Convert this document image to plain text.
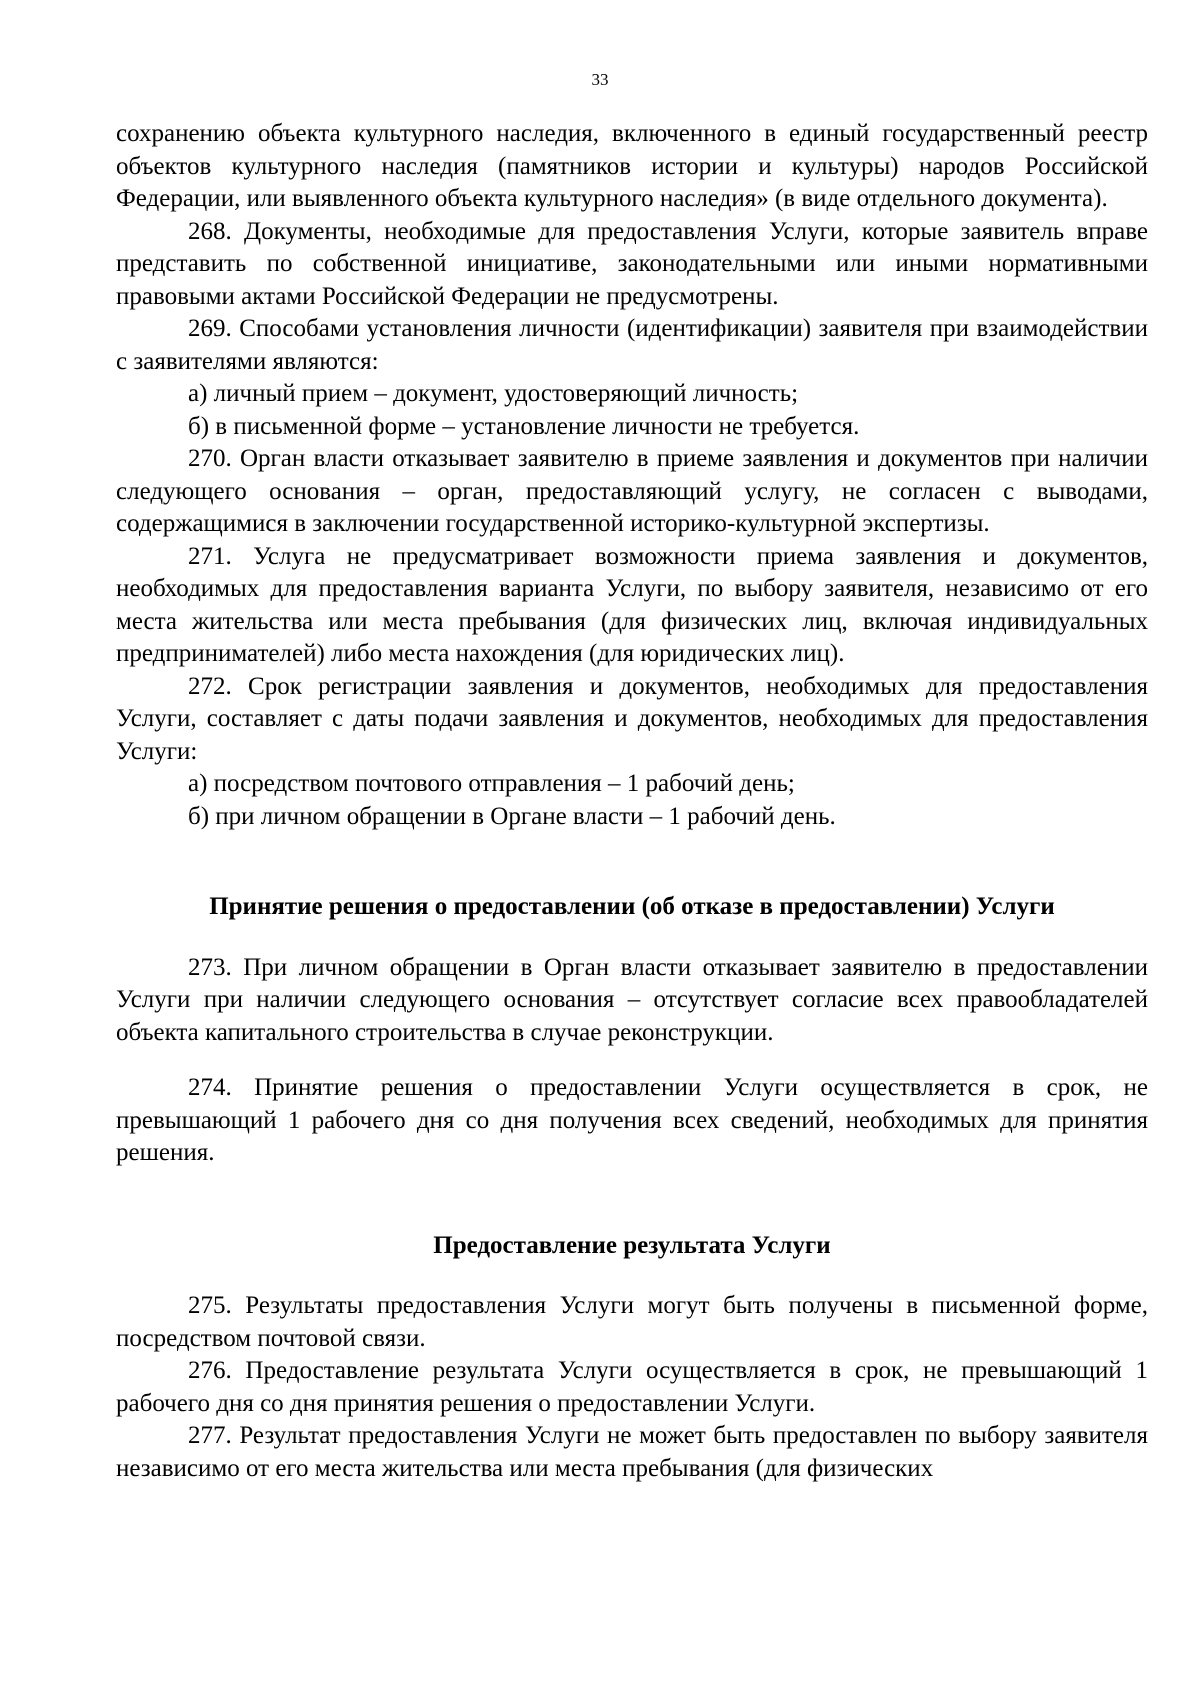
33

сохранению объекта культурного наследия, включенного в единый государственный реестр объектов культурного наследия (памятников истории и культуры) народов Российской Федерации, или выявленного объекта культурного наследия» (в виде отдельного документа).

268. Документы, необходимые для предоставления Услуги, которые заявитель вправе представить по собственной инициативе, законодательными или иными нормативными правовыми актами Российской Федерации не предусмотрены.

269. Способами установления личности (идентификации) заявителя при взаимодействии с заявителями являются:

а) личный прием – документ, удостоверяющий личность;

б) в письменной форме – установление личности не требуется.

270. Орган власти отказывает заявителю в приеме заявления и документов при наличии следующего основания – орган, предоставляющий услугу, не согласен с выводами, содержащимися в заключении государственной историко-культурной экспертизы.

271. Услуга не предусматривает возможности приема заявления и документов, необходимых для предоставления варианта Услуги, по выбору заявителя, независимо от его места жительства или места пребывания (для физических лиц, включая индивидуальных предпринимателей) либо места нахождения (для юридических лиц).

272. Срок регистрации заявления и документов, необходимых для предоставления Услуги, составляет с даты подачи заявления и документов, необходимых для предоставления Услуги:

а) посредством почтового отправления – 1 рабочий день;

б) при личном обращении в Органе власти – 1 рабочий день.

Принятие решения о предоставлении (об отказе в предоставлении) Услуги

273. При личном обращении в Орган власти отказывает заявителю в предоставлении Услуги при наличии следующего основания – отсутствует согласие всех правообладателей объекта капитального строительства в случае реконструкции.

274. Принятие решения о предоставлении Услуги осуществляется в срок, не превышающий 1 рабочего дня со дня получения всех сведений, необходимых для принятия решения.

Предоставление результата Услуги

275. Результаты предоставления Услуги могут быть получены в письменной форме, посредством почтовой связи.

276. Предоставление результата Услуги осуществляется в срок, не превышающий 1 рабочего дня со дня принятия решения о предоставлении Услуги.

277. Результат предоставления Услуги не может быть предоставлен по выбору заявителя независимо от его места жительства или места пребывания (для физических
